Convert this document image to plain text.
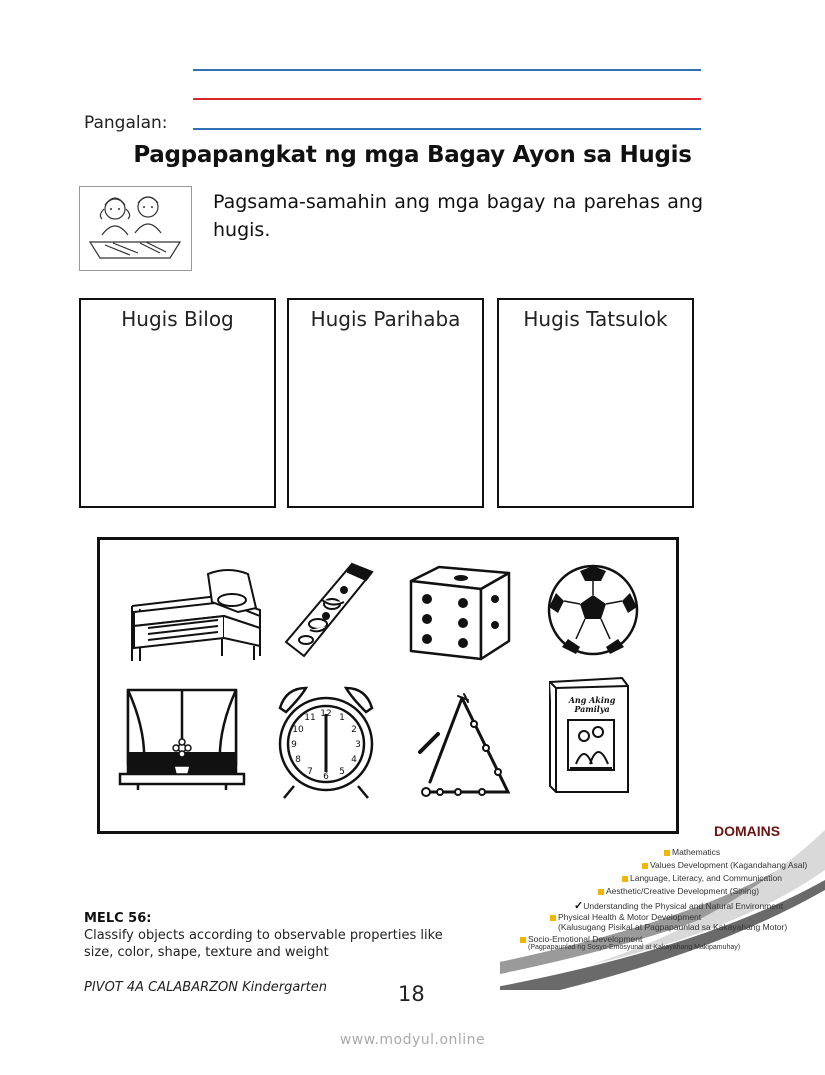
Pangalan:
Pagpapangkat ng mga Bagay Ayon sa Hugis
Pagsama-samahin ang mga bagay na parehas ang hugis.
Hugis Bilog	Hugis Parihaba	Hugis Tatsulok
12 1
2
3
4
5
6
7
8
9
10
11
Ang Aking Pamilya
DOMAINS
Mathematics
Values Development (Kagandahang Asal)
Language, Literacy, and Communication
Aesthetic/Creative Development (Sining)
✓Understanding the Physical and Natural Environment
Physical Health & Motor Development
(Kalusugang Pisikal at Pagpapaunlad sa Kakayahang Motor)
Socio-Emotional Development
(Pagpapaunlad ng Sosyo-Emosyunal at Kakayahang Makipamuhay)
MELC 56:
Classify objects according to observable properties like size, color, shape, texture and weight
PIVOT 4A CALABARZON Kindergarten	18
www.modyul.online
